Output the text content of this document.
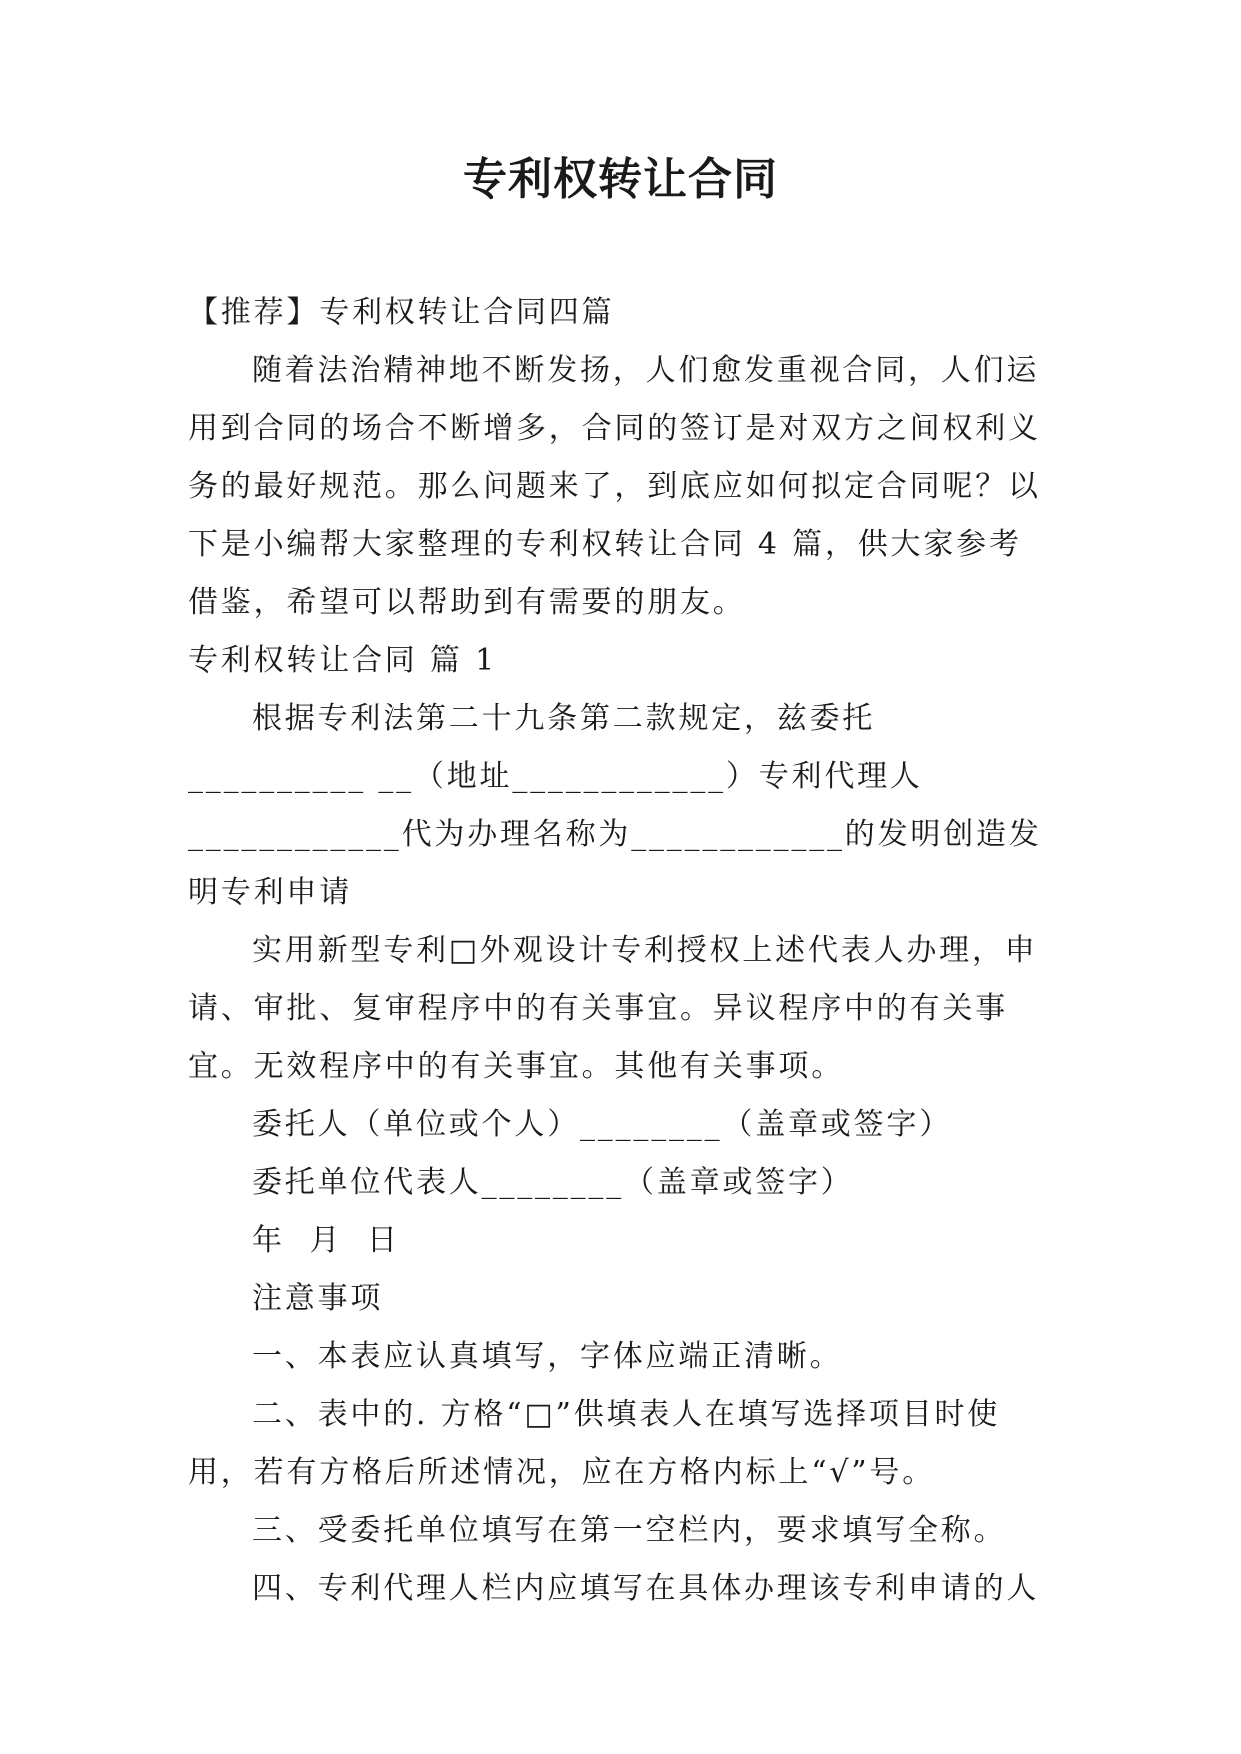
专利权转让合同

【推荐】专利权转让合同四篇

随着法治精神地不断发扬，人们愈发重视合同，人们运用到合同的场合不断增多，合同的签订是对双方之间权利义务的最好规范。那么问题来了，到底应如何拟定合同呢？以下是小编帮大家整理的专利权转让合同 4 篇，供大家参考借鉴，希望可以帮助到有需要的朋友。

专利权转让合同 篇 1

根据专利法第二十九条第二款规定，兹委托__________ __（地址____________）专利代理人____________代为办理名称为____________的发明创造发明专利申请

实用新型专利□外观设计专利授权上述代表人办理，申请、审批、复审程序中的有关事宜。异议程序中的有关事宜。无效程序中的有关事宜。其他有关事项。

委托人（单位或个人）________（盖章或签字）

委托单位代表人________（盖章或签字）

年  月  日

注意事项

一、本表应认真填写，字体应端正清晰。

二、表中的. 方格“□”供填表人在填写选择项目时使用，若有方格后所述情况，应在方格内标上“√”号。

三、受委托单位填写在第一空栏内，要求填写全称。

四、专利代理人栏内应填写在具体办理该专利申请的人
